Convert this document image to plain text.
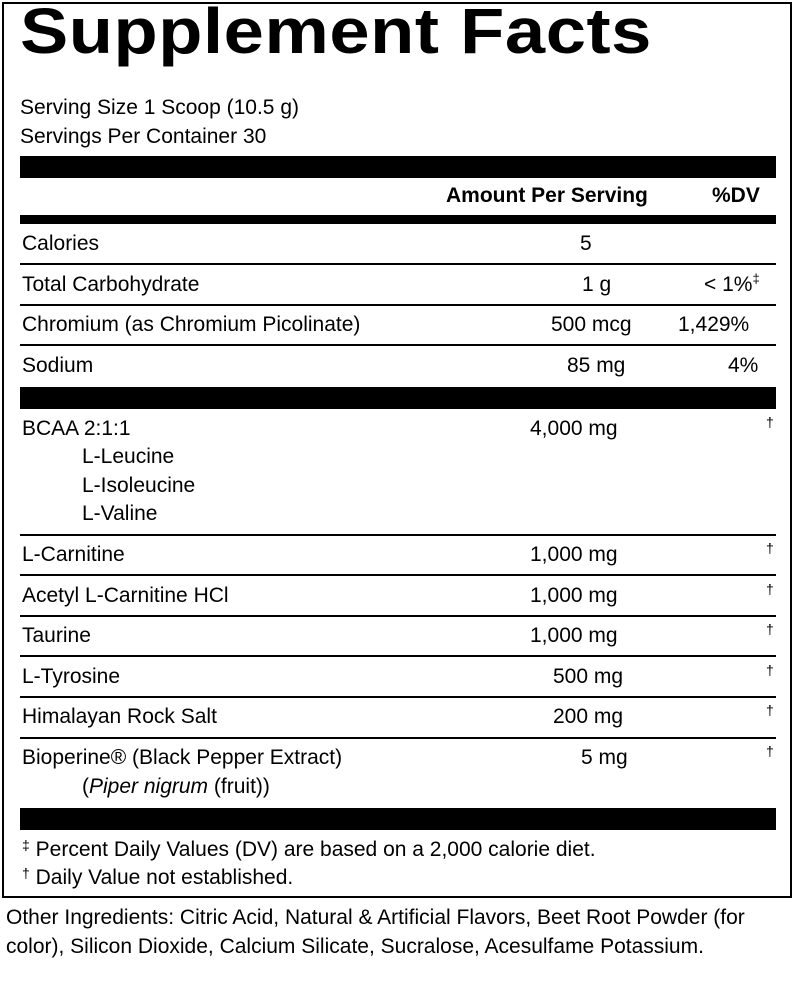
Supplement Facts
Serving Size 1 Scoop (10.5 g)
Servings Per Container 30
Amount Per Serving	%DV
Calories	5
Total Carbohydrate	1 g	< 1%‡
Chromium (as Chromium Picolinate)	500 mcg 1,429%
Sodium	85 mg	4%
BCAA 2:1:1	4,000 mg	†
L-Leucine
L-Isoleucine
L-Valine
L-Carnitine	1,000 mg	†
Acetyl L-Carnitine HCl	1,000 mg	†
Taurine	1,000 mg	†
L-Tyrosine	500 mg	†
Himalayan Rock Salt	200 mg	†
Bioperine® (Black Pepper Extract)	5 mg	†
(Piper nigrum (fruit))
‡ Percent Daily Values (DV) are based on a 2,000 calorie diet.
† Daily Value not established.
Other Ingredients: Citric Acid, Natural & Artificial Flavors, Beet Root Powder (for color), Silicon Dioxide, Calcium Silicate, Sucralose, Acesulfame Potassium.
